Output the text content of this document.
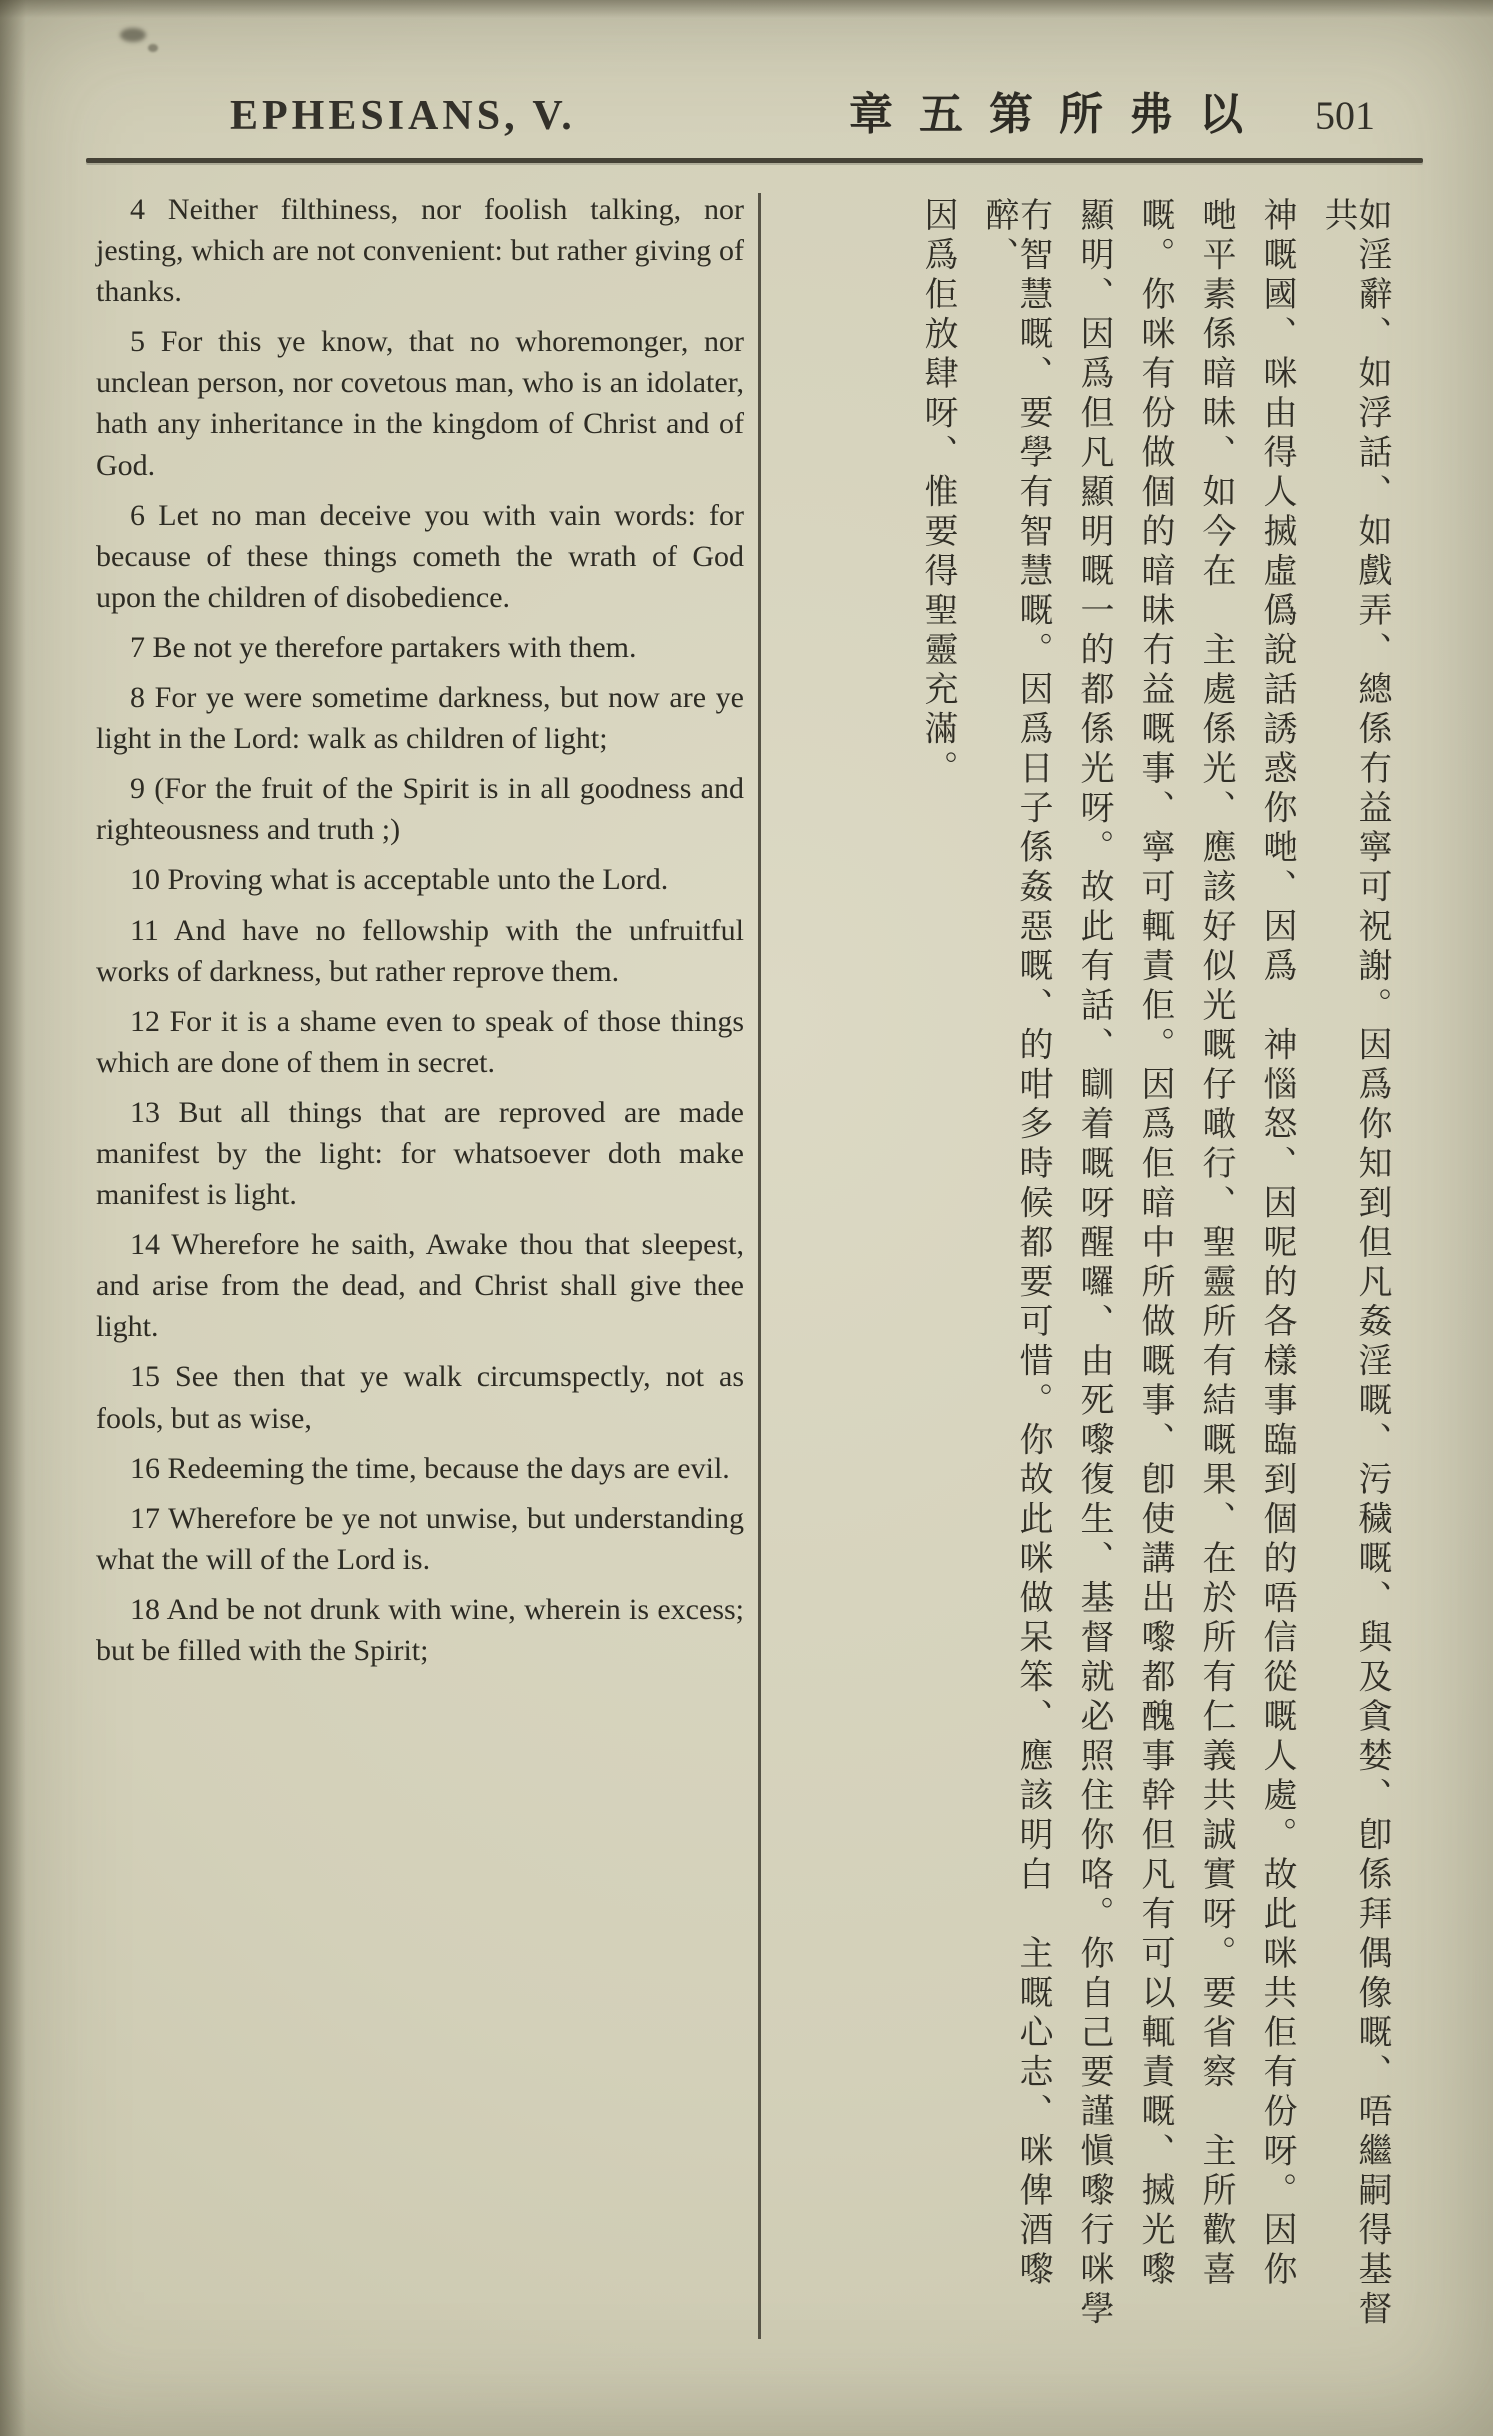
EPHESIANS, V.	章五第所弗以 501

4 Neither filthiness, nor foolish talking, nor jesting, which are not convenient: but rather giving of thanks.

5 For this ye know, that no whoremonger, nor unclean person, nor covetous man, who is an idolater, hath any inheritance in the kingdom of Christ and of God.

6 Let no man deceive you with vain words: for because of these things cometh the wrath of God upon the children of disobedience.

7 Be not ye therefore partakers with them.

8 For ye were sometime darkness, but now are ye light in the Lord: walk as children of light;

9 (For the fruit of the Spirit is in all goodness and righteousness and truth ;)

10 Proving what is acceptable unto the Lord.

11 And have no fellowship with the unfruitful works of darkness, but rather reprove them.

12 For it is a shame even to speak of those things which are done of them in secret.

13 But all things that are reproved are made manifest by the light: for whatsoever doth make manifest is light.

14 Wherefore he saith, Awake thou that sleepest, and arise from the dead, and Christ shall give thee light.

15 See then that ye walk circumspectly, not as fools, but as wise,

16 Redeeming the time, because the days are evil.

17 Wherefore be ye not unwise, but understanding what the will of the Lord is.

18 And be not drunk with wine, wherein is excess; but be filled with the Spirit;	如淫辭、如浮話、如戲弄、總係冇益寧可祝謝。因爲你知到但凡姦淫嘅、污穢嘅、與及貪婪、卽係拜偶像嘅、唔繼嗣得基督共
神嘅國、咪由得人搣虛僞說話誘惑你哋、因爲　神惱怒、因呢的各樣事臨到個的唔信從嘅人處。故此咪共佢有份呀。因你
哋平素係暗昧、如今在　主處係光、應該好似光嘅仔噉行、聖靈所有結嘅果、在於所有仁義共誠實呀。要省察　主所歡喜
嘅。你咪有份做個的暗昧冇益嘅事、寧可輒責佢。因爲佢暗中所做嘅事、卽使講出嚟都醜事幹但凡有可以輒責嘅、搣光嚟
顯明、因爲但凡顯明嘅一的都係光呀。故此有話、瞓着嘅呀醒囉、由死嚟復生、基督就必照住你咯。你自己要謹愼嚟行咪學
冇智慧嘅、要學有智慧嘅。因爲日子係姦惡嘅、的咁多時候都要可惜。你故此咪做呆笨、應該明白　主嘅心志、咪俾酒嚟醉、
因爲佢放肆呀、惟要得聖靈充滿。
